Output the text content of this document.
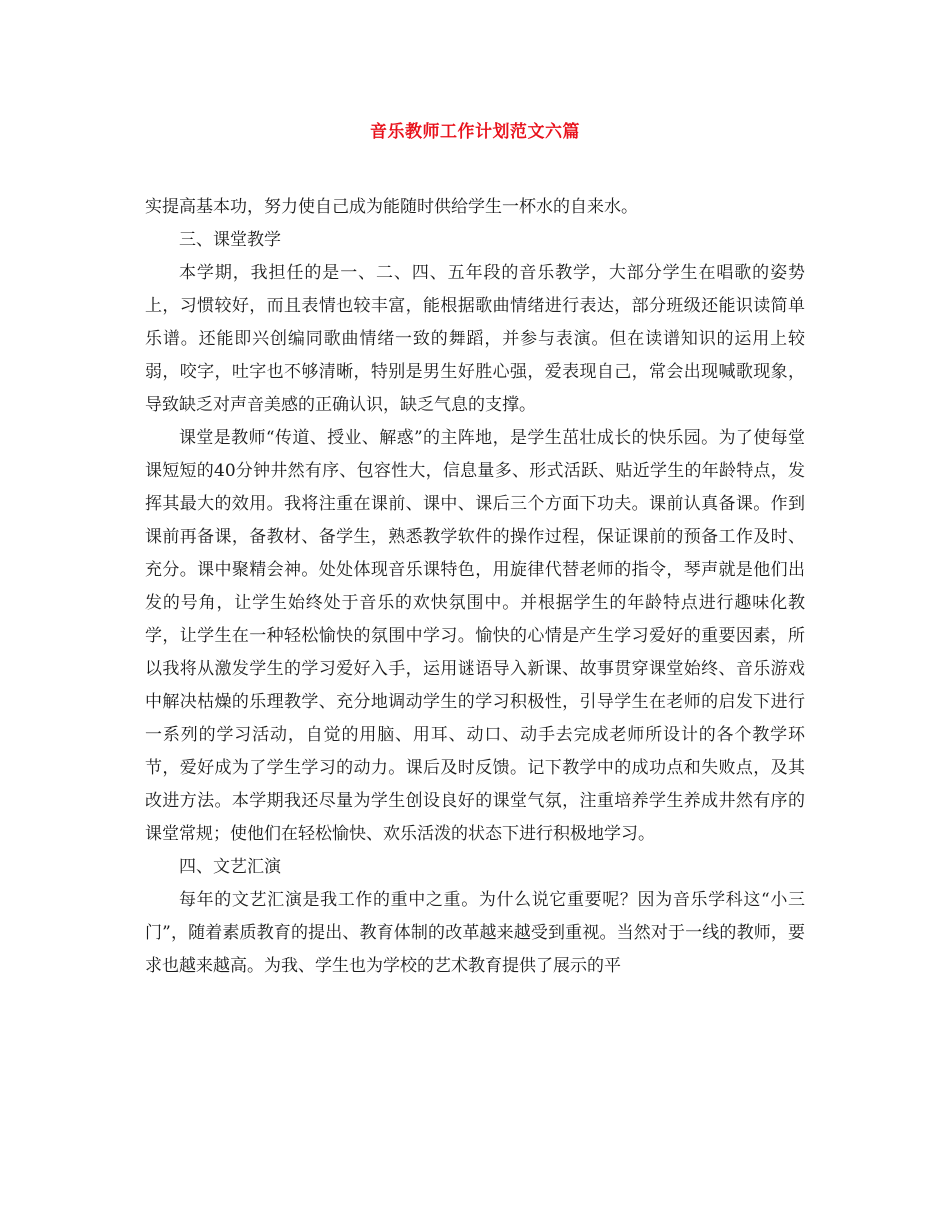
音乐教师工作计划范文六篇

实提高基本功，努力使自己成为能随时供给学生一杯水的自来水。

三、课堂教学

本学期，我担任的是一、二、四、五年段的音乐教学，大部分学生在唱歌的姿势上，习惯较好，而且表情也较丰富，能根据歌曲情绪进行表达，部分班级还能识读简单乐谱。还能即兴创编同歌曲情绪一致的舞蹈，并参与表演。但在读谱知识的运用上较弱，咬字，吐字也不够清晰，特别是男生好胜心强，爱表现自己，常会出现喊歌现象，导致缺乏对声音美感的正确认识，缺乏气息的支撑。

课堂是教师“传道、授业、解惑”的主阵地，是学生茁壮成长的快乐园。为了使每堂课短短的40分钟井然有序、包容性大，信息量多、形式活跃、贴近学生的年龄特点，发挥其最大的效用。我将注重在课前、课中、课后三个方面下功夫。课前认真备课。作到课前再备课，备教材、备学生，熟悉教学软件的操作过程，保证课前的预备工作及时、充分。课中聚精会神。处处体现音乐课特色，用旋律代替老师的指令，琴声就是他们出发的号角，让学生始终处于音乐的欢快氛围中。并根据学生的年龄特点进行趣味化教学，让学生在一种轻松愉快的氛围中学习。愉快的心情是产生学习爱好的重要因素，所以我将从激发学生的学习爱好入手，运用谜语导入新课、故事贯穿课堂始终、音乐游戏中解决枯燥的乐理教学、充分地调动学生的学习积极性，引导学生在老师的启发下进行一系列的学习活动，自觉的用脑、用耳、动口、动手去完成老师所设计的各个教学环节，爱好成为了学生学习的动力。课后及时反馈。记下教学中的成功点和失败点，及其改进方法。本学期我还尽量为学生创设良好的课堂气氛，注重培养学生养成井然有序的课堂常规；使他们在轻松愉快、欢乐活泼的状态下进行积极地学习。

四、文艺汇演

每年的文艺汇演是我工作的重中之重。为什么说它重要呢？因为音乐学科这“小三门”，随着素质教育的提出、教育体制的改革越来越受到重视。当然对于一线的教师，要求也越来越高。为我、学生也为学校的艺术教育提供了展示的平
